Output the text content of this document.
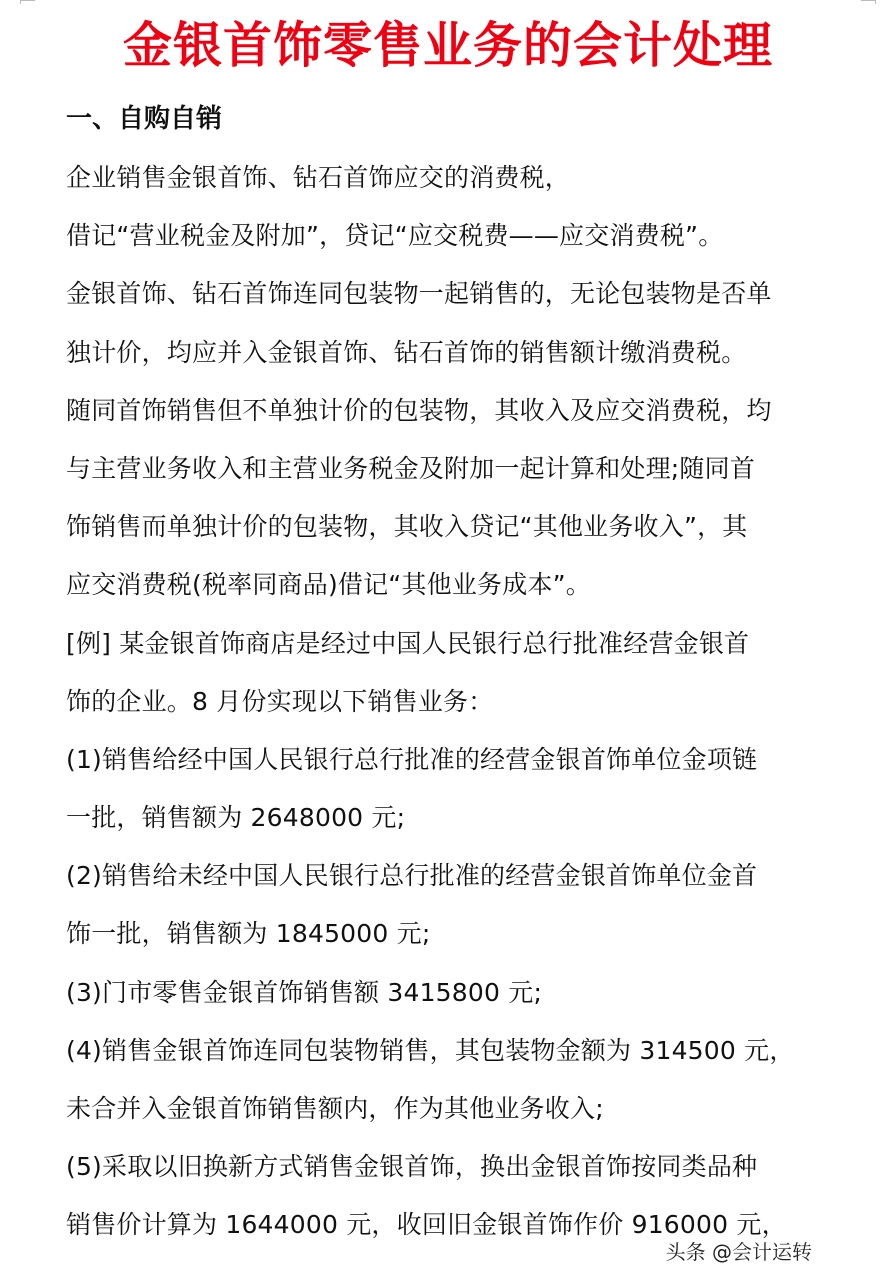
金银首饰零售业务的会计处理
一、自购自销
企业销售金银首饰、钻石首饰应交的消费税，
借记“营业税金及附加”，贷记“应交税费——应交消费税”。
金银首饰、钻石首饰连同包装物一起销售的，无论包装物是否单
独计价，均应并入金银首饰、钻石首饰的销售额计缴消费税。
随同首饰销售但不单独计价的包装物，其收入及应交消费税，均
与主营业务收入和主营业务税金及附加一起计算和处理;随同首
饰销售而单独计价的包装物，其收入贷记“其他业务收入”，其
应交消费税(税率同商品)借记“其他业务成本”。
[例] 某金银首饰商店是经过中国人民银行总行批准经营金银首
饰的企业。8 月份实现以下销售业务：
(1)销售给经中国人民银行总行批准的经营金银首饰单位金项链
一批，销售额为 2648000 元;
(2)销售给未经中国人民银行总行批准的经营金银首饰单位金首
饰一批，销售额为 1845000 元;
(3)门市零售金银首饰销售额 3415800 元;
(4)销售金银首饰连同包装物销售，其包装物金额为 314500 元，
未合并入金银首饰销售额内，作为其他业务收入;
(5)采取以旧换新方式销售金银首饰，换出金银首饰按同类品种
销售价计算为 1644000 元，收回旧金银首饰作价 916000 元，
头条 @会计运转
